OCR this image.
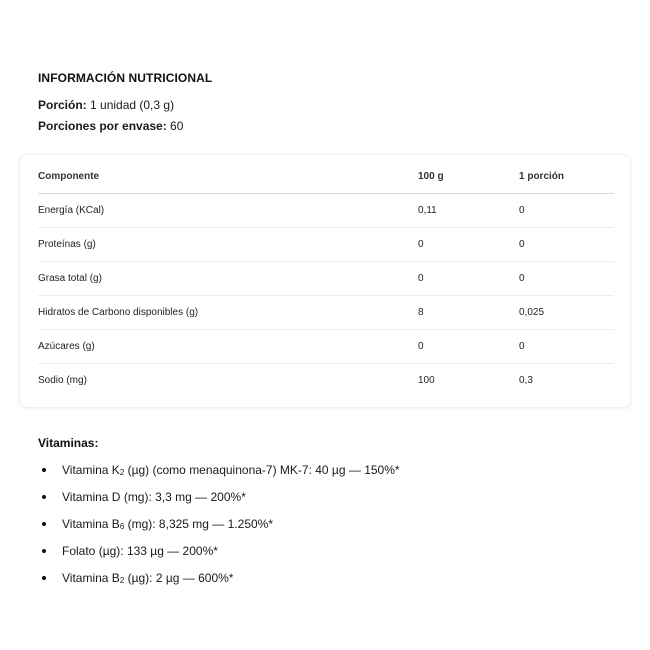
INFORMACIÓN NUTRICIONAL
Porción: 1 unidad (0,3 g)
Porciones por envase: 60
Componente	100 g	1 porción
Energía (KCal)	0,11	0
Proteínas (g)	0	0
Grasa total (g)	0	0
Hidratos de Carbono disponibles (g)	8	0,025
Azúcares (g)	0	0
Sodio (mg)	100	0,3
Vitaminas:
Vitamina $K_2$ (µg) (como menaquinona-7) MK-7: 40 µg — 150%*
Vitamina D (mg): 3,3 mg — 200%*
Vitamina $B_6$ (mg): 8,325 mg — 1.250%*
Folato (µg): 133 µg — 200%*
Vitamina $B_2$ (µg): 2 µg — 600%*
